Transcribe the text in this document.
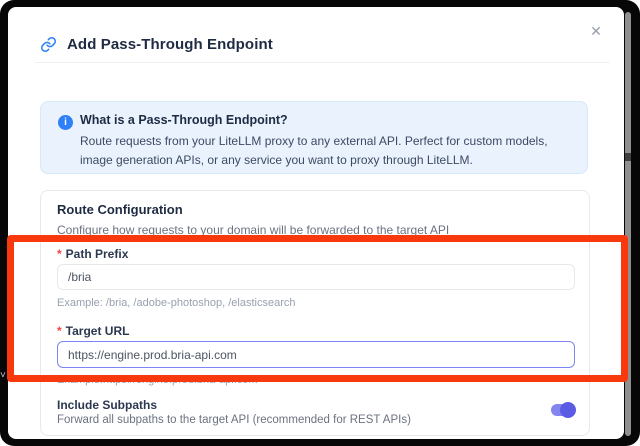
˅
✕
Add Pass-Through Endpoint
i	What is a Pass-Through Endpoint?
Route requests from your LiteLLM proxy to any external API. Perfect for custom models, image generation APIs, or any service you want to proxy through LiteLLM.
Route Configuration
Configure how requests to your domain will be forwarded to the target API
* Path Prefix
/bria
Example: /bria, /adobe-photoshop, /elasticsearch
* Target URL
https://engine.prod.bria-api.com
Example:https://engine.prod.bria-api.com
Include Subpaths
Forward all subpaths to the target API (recommended for REST APIs)
